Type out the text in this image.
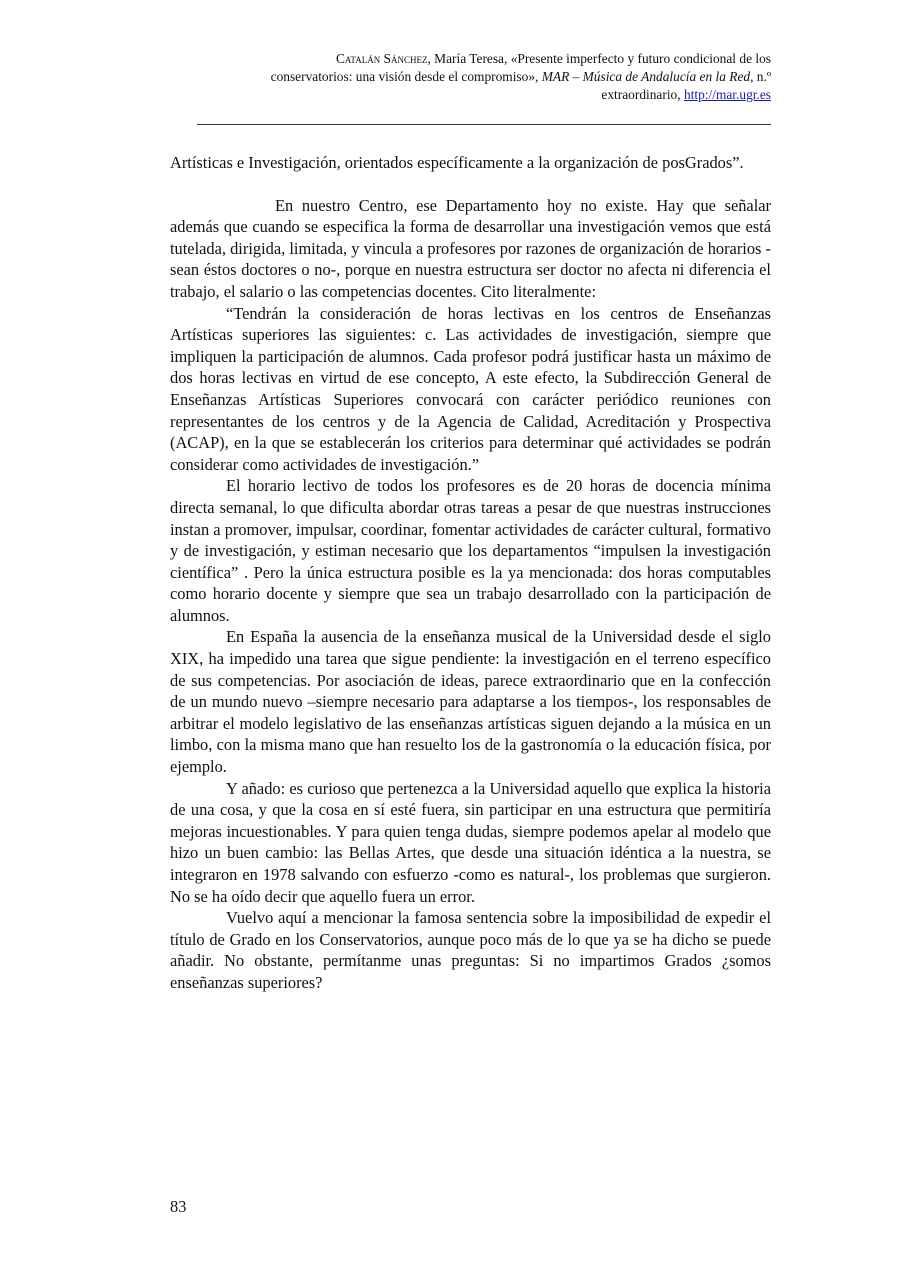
Catalán Sánchez, María Teresa, «Presente imperfecto y futuro condicional de los
conservatorios: una visión desde el compromiso», MAR – Música de Andalucía en la Red, n.º
extraordinario, http://mar.ugr.es

Artísticas e Investigación, orientados específicamente a la organización de posGrados”.

En nuestro Centro, ese Departamento hoy no existe. Hay que señalar además que cuando se especifica la forma de desarrollar una investigación vemos que está tutelada, dirigida, limitada, y vincula a profesores por razones de organización de horarios -sean éstos doctores o no-, porque en nuestra estructura ser doctor no afecta ni diferencia el trabajo, el salario o las competencias docentes. Cito literalmente:

“Tendrán la consideración de horas lectivas en los centros de Enseñanzas Artísticas superiores las siguientes: c. Las actividades de investigación, siempre que impliquen la participación de alumnos. Cada profesor podrá justificar hasta un máximo de dos horas lectivas en virtud de ese concepto, A este efecto, la Subdirección General de Enseñanzas Artísticas Superiores convocará con carácter periódico reuniones con representantes de los centros y de la Agencia de Calidad, Acreditación y Prospectiva (ACAP), en la que se establecerán los criterios para determinar qué actividades se podrán considerar como actividades de investigación.”

El horario lectivo de todos los profesores es de 20 horas de docencia mínima directa semanal, lo que dificulta abordar otras tareas a pesar de que nuestras instrucciones instan a promover, impulsar, coordinar, fomentar actividades de carácter cultural, formativo y de investigación, y estiman necesario que los departamentos “impulsen la investigación científica” . Pero la única estructura posible es la ya mencionada: dos horas computables como horario docente y siempre que sea un trabajo desarrollado con la participación de alumnos.

En España la ausencia de la enseñanza musical de la Universidad desde el siglo XIX, ha impedido una tarea que sigue pendiente: la investigación en el terreno específico de sus competencias. Por asociación de ideas, parece extraordinario que en la confección de un mundo nuevo –siempre necesario para adaptarse a los tiempos-, los responsables de arbitrar el modelo legislativo de las enseñanzas artísticas siguen dejando a la música en un limbo, con la misma mano que han resuelto los de la gastronomía o la educación física, por ejemplo.

Y añado: es curioso que pertenezca a la Universidad aquello que explica la historia de una cosa, y que la cosa en sí esté fuera, sin participar en una estructura que permitiría mejoras incuestionables. Y para quien tenga dudas, siempre podemos apelar al modelo que hizo un buen cambio: las Bellas Artes, que desde una situación idéntica a la nuestra, se integraron en 1978 salvando con esfuerzo -como es natural-, los problemas que surgieron. No se ha oído decir que aquello fuera un error.

Vuelvo aquí a mencionar la famosa sentencia sobre la imposibilidad de expedir el título de Grado en los Conservatorios, aunque poco más de lo que ya se ha dicho se puede añadir. No obstante, permítanme unas preguntas: Si no impartimos Grados ¿somos enseñanzas superiores?

83
